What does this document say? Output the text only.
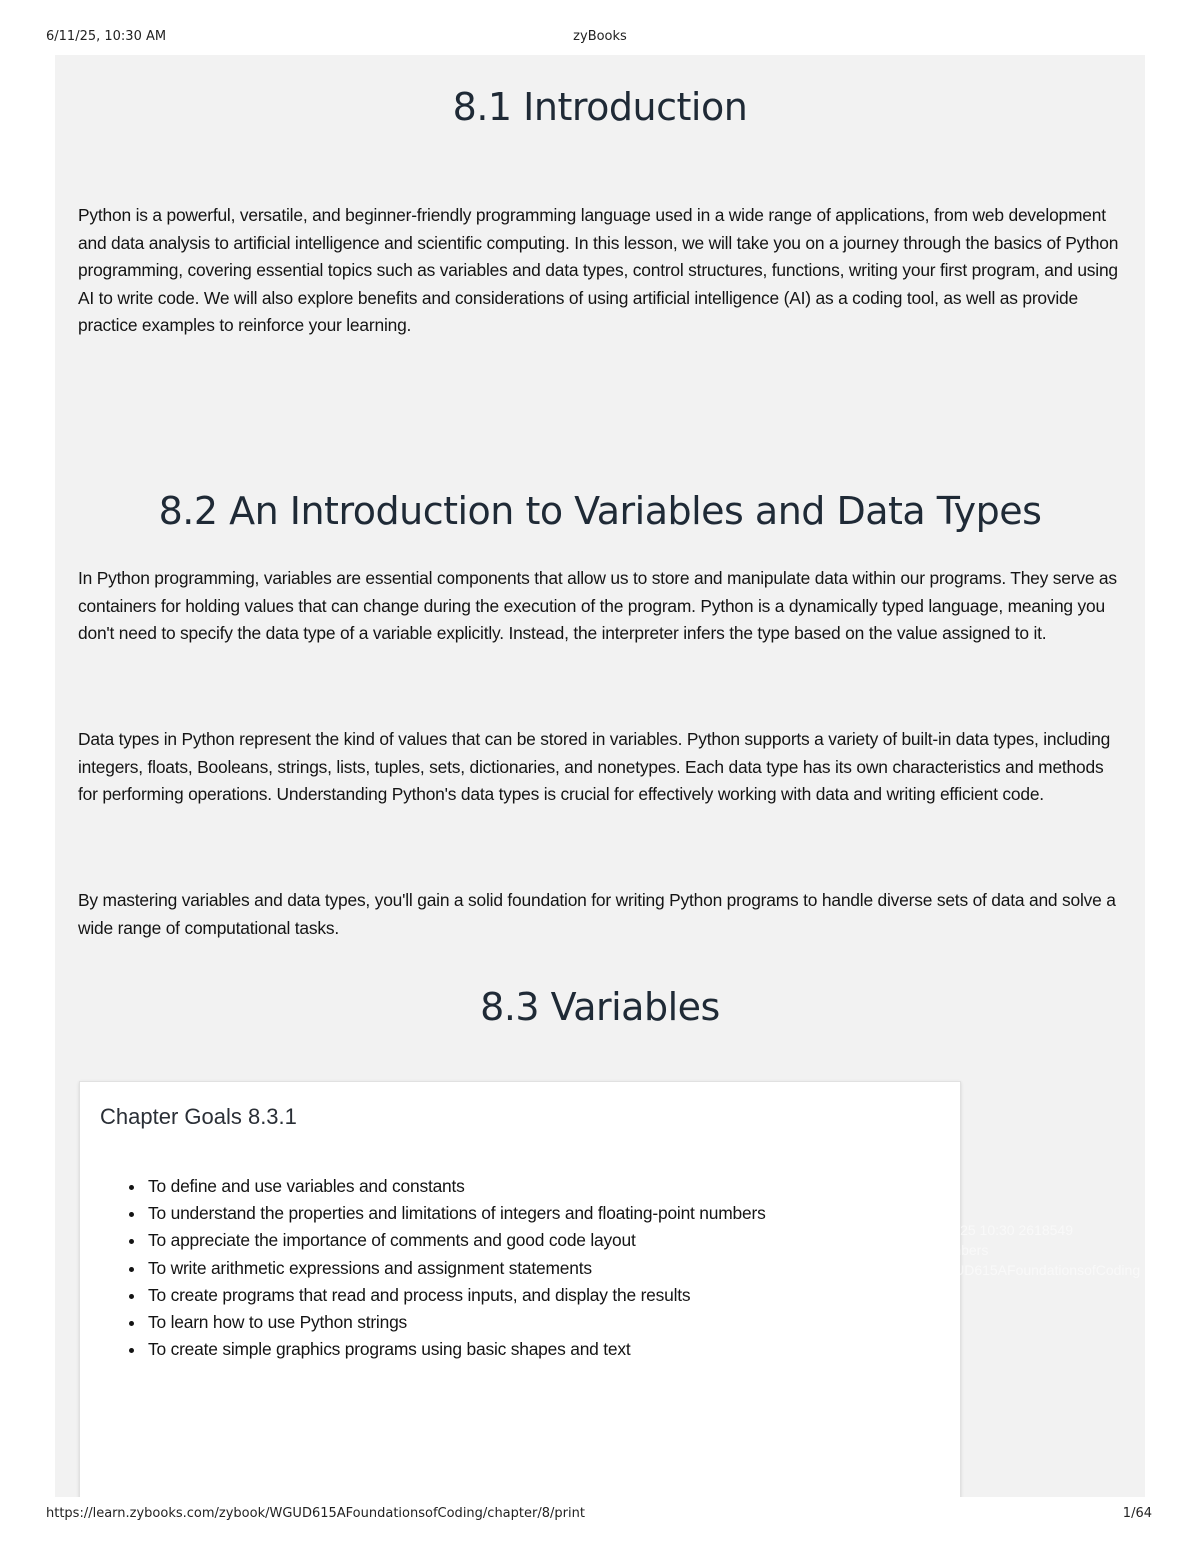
6/11/25, 10:30 AM	zyBooks
8.1 Introduction

Python is a powerful, versatile, and beginner-friendly programming language used in a wide range of applications, from web development and data analysis to artificial intelligence and scientific computing. In this lesson, we will take you on a journey through the basics of Python programming, covering essential topics such as variables and data types, control structures, functions, writing your first program, and using AI to write code. We will also explore benefits and considerations of using artificial intelligence (AI) as a coding tool, as well as provide practice examples to reinforce your learning.

8.2 An Introduction to Variables and Data Types

In Python programming, variables are essential components that allow us to store and manipulate data within our programs. They serve as containers for holding values that can change during the execution of the program. Python is a dynamically typed language, meaning you don't need to specify the data type of a variable explicitly. Instead, the interpreter infers the type based on the value assigned to it.

Data types in Python represent the kind of values that can be stored in variables. Python supports a variety of built-in data types, including integers, floats, Booleans, strings, lists, tuples, sets, dictionaries, and nonetypes. Each data type has its own characteristics and methods for performing operations. Understanding Python's data types is crucial for effectively working with data and writing efficient code.

By mastering variables and data types, you'll gain a solid foundation for writing Python programs to handle diverse sets of data and solve a wide range of computational tasks.

8.3 Variables
Chapter Goals 8.3.1
• To define and use variables and constants
• To understand the properties and limitations of integers and floating-point numbers
• To appreciate the importance of comments and good code layout
• To write arithmetic expressions and assignment statements
• To create programs that read and process inputs, and display the results
• To learn how to use Python strings
• To create simple graphics programs using basic shapes and text
6/11/25 10:30 2618549
Members
WGUD615AFoundationsofCoding
https://learn.zybooks.com/zybook/WGUD615AFoundationsofCoding/chapter/8/print	1/64
